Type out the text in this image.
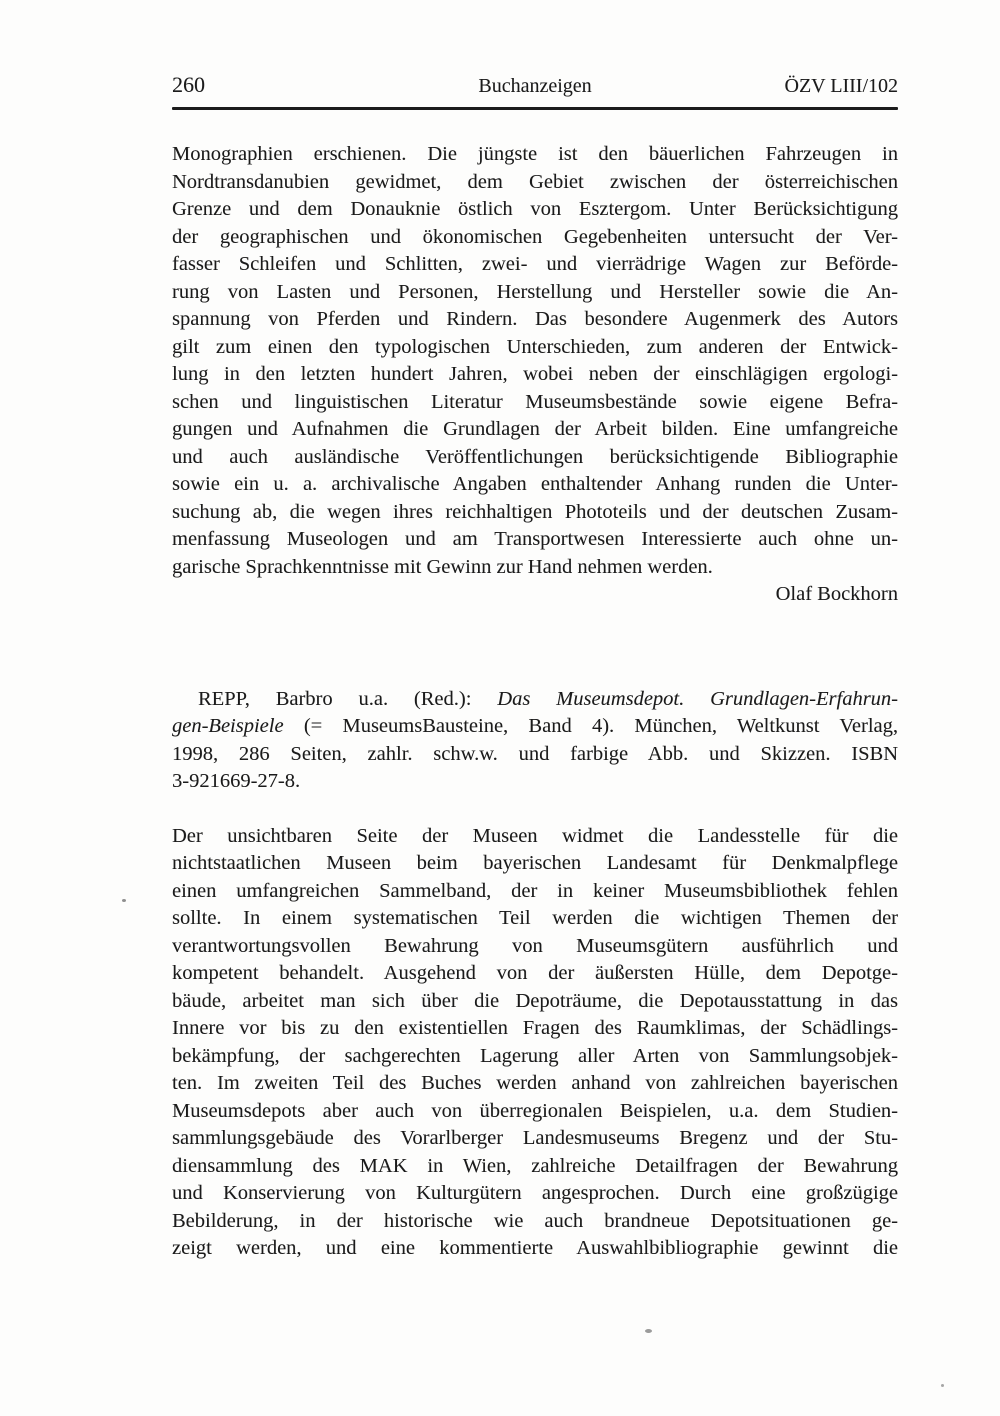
260	Buchanzeigen	ÖZV LIII/102
Monographien erschienen. Die jüngste ist den bäuerlichen Fahrzeugen in
Nordtransdanubien gewidmet, dem Gebiet zwischen der österreichischen
Grenze und dem Donauknie östlich von Esztergom. Unter Berücksichtigung
der geographischen und ökonomischen Gegebenheiten untersucht der Ver-
fasser Schleifen und Schlitten, zwei- und vierrädrige Wagen zur Beförde-
rung von Lasten und Personen, Herstellung und Hersteller sowie die An-
spannung von Pferden und Rindern. Das besondere Augenmerk des Autors
gilt zum einen den typologischen Unterschieden, zum anderen der Entwick-
lung in den letzten hundert Jahren, wobei neben der einschlägigen ergologi-
schen und linguistischen Literatur Museumsbestände sowie eigene Befra-
gungen und Aufnahmen die Grundlagen der Arbeit bilden. Eine umfangreiche
und auch ausländische Veröffentlichungen berücksichtigende Bibliographie
sowie ein u. a. archivalische Angaben enthaltender Anhang runden die Unter-
suchung ab, die wegen ihres reichhaltigen Phototeils und der deutschen Zusam-
menfassung Museologen und am Transportwesen Interessierte auch ohne un-
garische Sprachkenntnisse mit Gewinn zur Hand nehmen werden.
Olaf Bockhorn
REPP, Barbro u.a. (Red.): Das Museumsdepot. Grundlagen-Erfahrun-
gen-Beispiele (= MuseumsBausteine, Band 4). München, Weltkunst Verlag,
1998, 286 Seiten, zahlr. schw.w. und farbige Abb. und Skizzen. ISBN
3-921669-27-8.
Der unsichtbaren Seite der Museen widmet die Landesstelle für die
nichtstaatlichen Museen beim bayerischen Landesamt für Denkmalpflege
einen umfangreichen Sammelband, der in keiner Museumsbibliothek fehlen
sollte. In einem systematischen Teil werden die wichtigen Themen der
verantwortungsvollen Bewahrung von Museumsgütern ausführlich und
kompetent behandelt. Ausgehend von der äußersten Hülle, dem Depotge-
bäude, arbeitet man sich über die Depoträume, die Depotausstattung in das
Innere vor bis zu den existentiellen Fragen des Raumklimas, der Schädlings-
bekämpfung, der sachgerechten Lagerung aller Arten von Sammlungsobjek-
ten. Im zweiten Teil des Buches werden anhand von zahlreichen bayerischen
Museumsdepots aber auch von überregionalen Beispielen, u.a. dem Studien-
sammlungsgebäude des Vorarlberger Landesmuseums Bregenz und der Stu-
diensammlung des MAK in Wien, zahlreiche Detailfragen der Bewahrung
und Konservierung von Kulturgütern angesprochen. Durch eine großzügige
Bebilderung, in der historische wie auch brandneue Depotsituationen ge-
zeigt werden, und eine kommentierte Auswahlbibliographie gewinnt die
